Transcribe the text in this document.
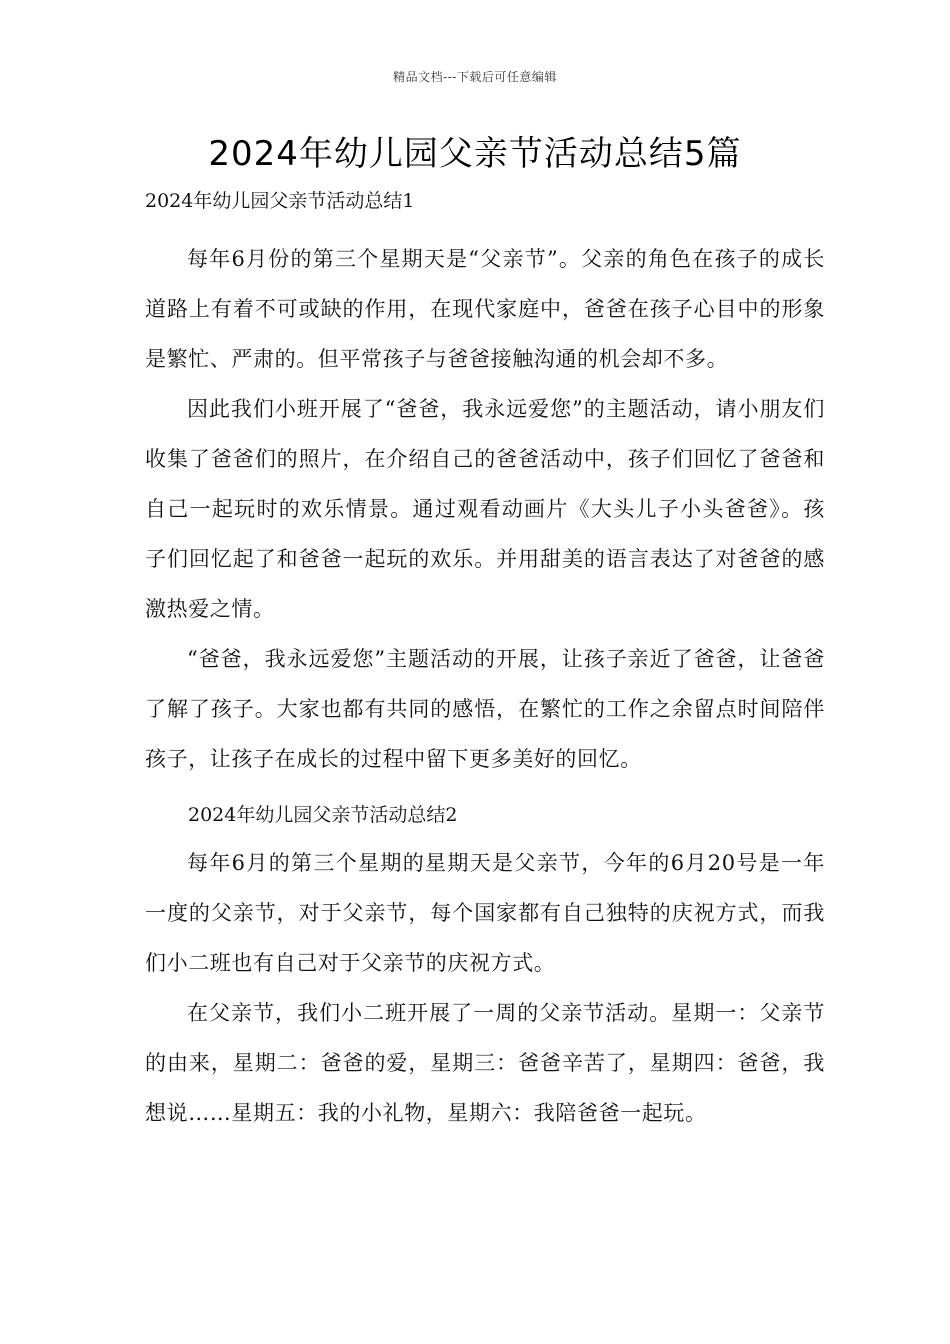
精品文档---下载后可任意编辑
2024年幼儿园父亲节活动总结5篇

2024年幼儿园父亲节活动总结1

每年6月份的第三个星期天是“父亲节”。父亲的角色在孩子的成长道路上有着不可或缺的作用，在现代家庭中，爸爸在孩子心目中的形象是繁忙、严肃的。但平常孩子与爸爸接触沟通的机会却不多。

因此我们小班开展了“爸爸，我永远爱您”的主题活动，请小朋友们收集了爸爸们的照片，在介绍自己的爸爸活动中，孩子们回忆了爸爸和自己一起玩时的欢乐情景。通过观看动画片《大头儿子小头爸爸》。孩子们回忆起了和爸爸一起玩的欢乐。并用甜美的语言表达了对爸爸的感激热爱之情。

“爸爸，我永远爱您”主题活动的开展，让孩子亲近了爸爸，让爸爸了解了孩子。大家也都有共同的感悟，在繁忙的工作之余留点时间陪伴孩子，让孩子在成长的过程中留下更多美好的回忆。

2024年幼儿园父亲节活动总结2

每年6月的第三个星期的星期天是父亲节，今年的6月20号是一年一度的父亲节，对于父亲节，每个国家都有自己独特的庆祝方式，而我们小二班也有自己对于父亲节的庆祝方式。

在父亲节，我们小二班开展了一周的父亲节活动。星期一：父亲节的由来，星期二：爸爸的爱，星期三：爸爸辛苦了，星期四：爸爸，我想说……星期五：我的小礼物，星期六：我陪爸爸一起玩。
